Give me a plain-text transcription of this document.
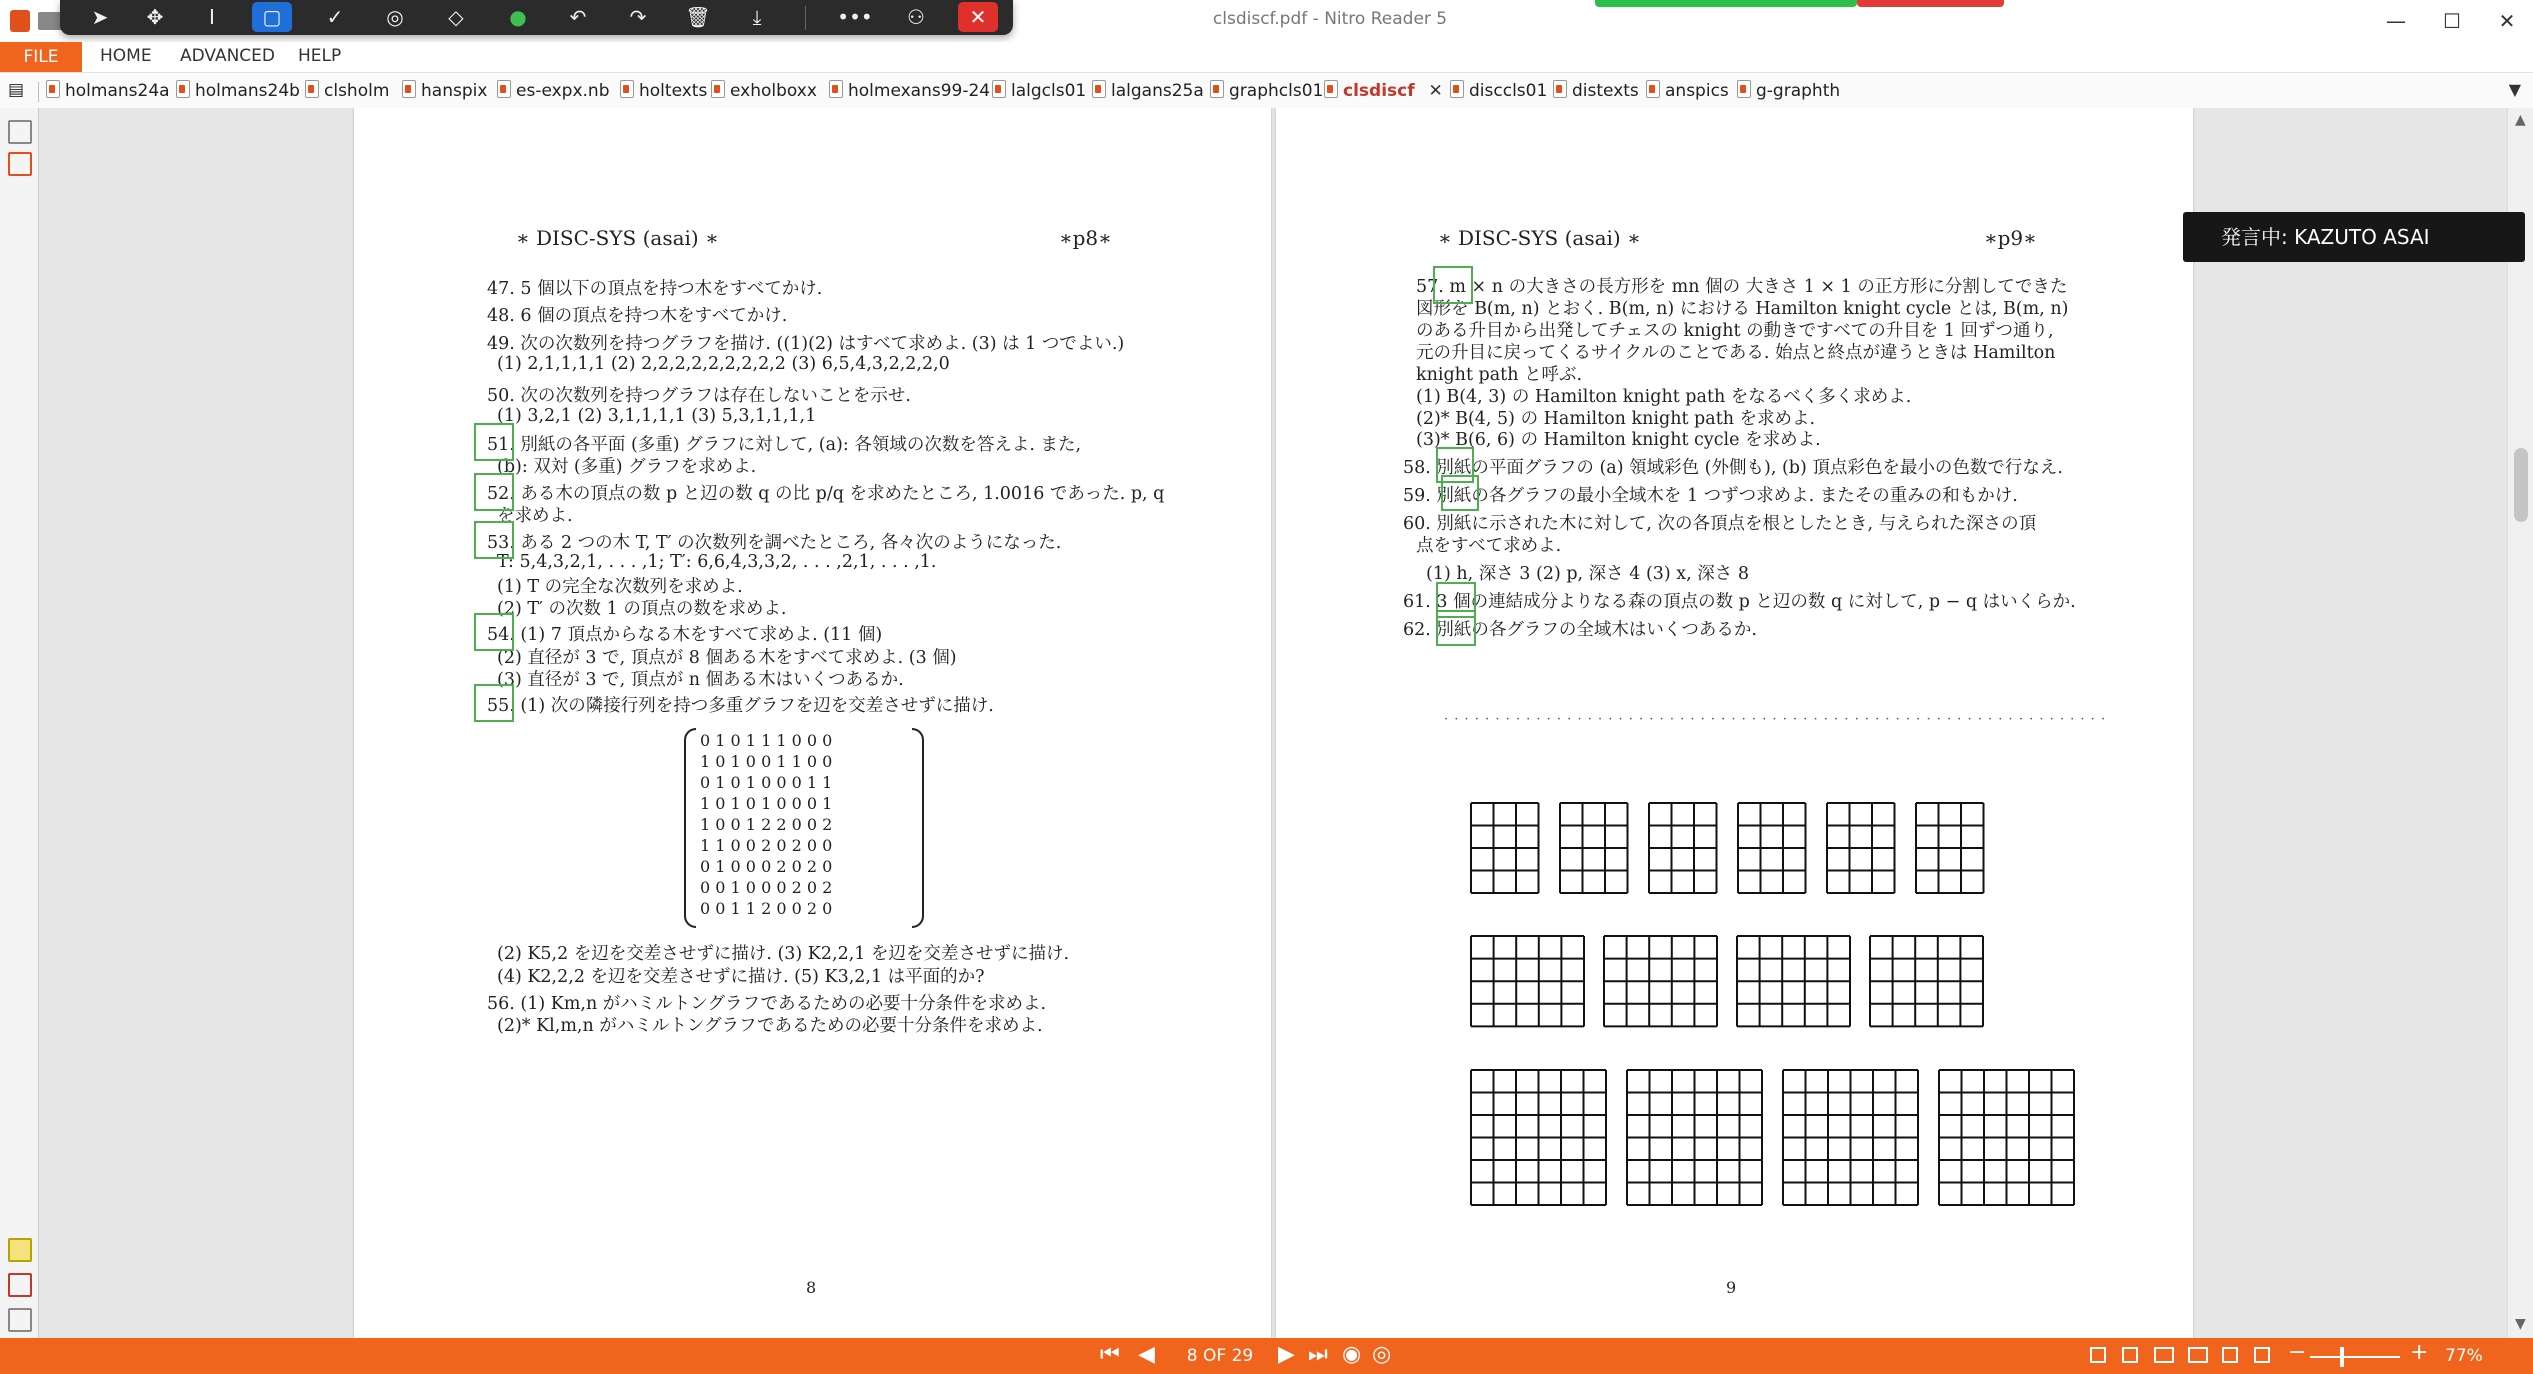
clsdiscf.pdf - Nitro Reader 5	—	☐	✕
➤	✥	I	▢	✓	◎	◇	●	↶	↷	🗑	⤓	•••	⚇	✕
FILE	HOME ADVANCED HELP
▤	holmans24a	holmans24b	clsholm	hanspix	es-expx.nb	holtexts	exholboxx	holmexans99-24	lalgcls01	lalgans25a	graphcls01	clsdiscf ✕	disccls01	distexts	anspics	g-graphth	▼
∗ DISC-SYS (asai) ∗	∗p8∗
47. 5 個以下の頂点を持つ木をすべてかけ.
48. 6 個の頂点を持つ木をすべてかけ.
49. 次の次数列を持つグラフを描け. ((1)(2) はすべて求めよ. (3) は 1 つでよい.)
(1) 2,1,1,1,1 (2) 2,2,2,2,2,2,2,2,2 (3) 6,5,4,3,2,2,2,0
50. 次の次数列を持つグラフは存在しないことを示せ.
(1) 3,2,1 (2) 3,1,1,1,1 (3) 5,3,1,1,1,1
51. 別紙の各平面 (多重) グラフに対して, (a): 各領域の次数を答えよ. また,
(b): 双対 (多重) グラフを求めよ.
52. ある木の頂点の数 p と辺の数 q の比 p/q を求めたところ, 1.0016 であった. p, q
を求めよ.
53. ある 2 つの木 T, T′ の次数列を調べたところ, 各々次のようになった.
T: 5,4,3,2,1, . . . ,1; T′: 6,6,4,3,3,2, . . . ,2,1, . . . ,1.
(1) T の完全な次数列を求めよ.
(2) T′ の次数 1 の頂点の数を求めよ.
54. (1) 7 頂点からなる木をすべて求めよ. (11 個)
(2) 直径が 3 で, 頂点が 8 個ある木をすべて求めよ. (3 個)
(3) 直径が 3 で, 頂点が n 個ある木はいくつあるか.
55. (1) 次の隣接行列を持つ多重グラフを辺を交差させずに描け.
0 1 0 1 1 1 0 0 0
1 0 1 0 0 1 1 0 0
0 1 0 1 0 0 0 1 1
1 0 1 0 1 0 0 0 1
1 0 0 1 2 2 0 0 2
1 1 0 0 2 0 2 0 0
0 1 0 0 0 2 0 2 0
0 0 1 0 0 0 2 0 2
0 0 1 1 2 0 0 2 0
(2) K5,2 を辺を交差させずに描け. (3) K2,2,1 を辺を交差させずに描け.
(4) K2,2,2 を辺を交差させずに描け. (5) K3,2,1 は平面的か?
56. (1) Km,n がハミルトングラフであるための必要十分条件を求めよ.
(2)* Kl,m,n がハミルトングラフであるための必要十分条件を求めよ.
8
∗ DISC-SYS (asai) ∗	∗p9∗
57. m × n の大きさの長方形を mn 個の 大きさ 1 × 1 の正方形に分割してできた
図形を B(m, n) とおく. B(m, n) における Hamilton knight cycle とは, B(m, n)
のある升目から出発してチェスの knight の動きですべての升目を 1 回ずつ通り,
元の升目に戻ってくるサイクルのことである. 始点と終点が違うときは Hamilton
knight path と呼ぶ.
(1) B(4, 3) の Hamilton knight path をなるべく多く求めよ.
(2)* B(4, 5) の Hamilton knight path を求めよ.
(3)* B(6, 6) の Hamilton knight cycle を求めよ.
58. 別紙の平面グラフの (a) 領域彩色 (外側も), (b) 頂点彩色を最小の色数で行なえ.
59. 別紙の各グラフの最小全域木を 1 つずつ求めよ. またその重みの和もかけ.
60. 別紙に示された木に対して, 次の各頂点を根としたとき, 与えられた深さの頂
点をすべて求めよ.
(1) h, 深さ 3 (2) p, 深さ 4 (3) x, 深さ 8
61. 3 個の連結成分よりなる森の頂点の数 p と辺の数 q に対して, p − q はいくらか.
62. 別紙の各グラフの全域木はいくつあるか.
· · · · · · · · · · · · · · · · · · · · · · · · · · · · · · · · · · · · · · · · · · · · · · · · · · · · · · · · · · · · · · · · ·
9
▲
▼
発言中: KAZUTO ASAI
⏮ ◀	8 OF 29	▶ ⏭ ◉ ◎	−	+ 77%
